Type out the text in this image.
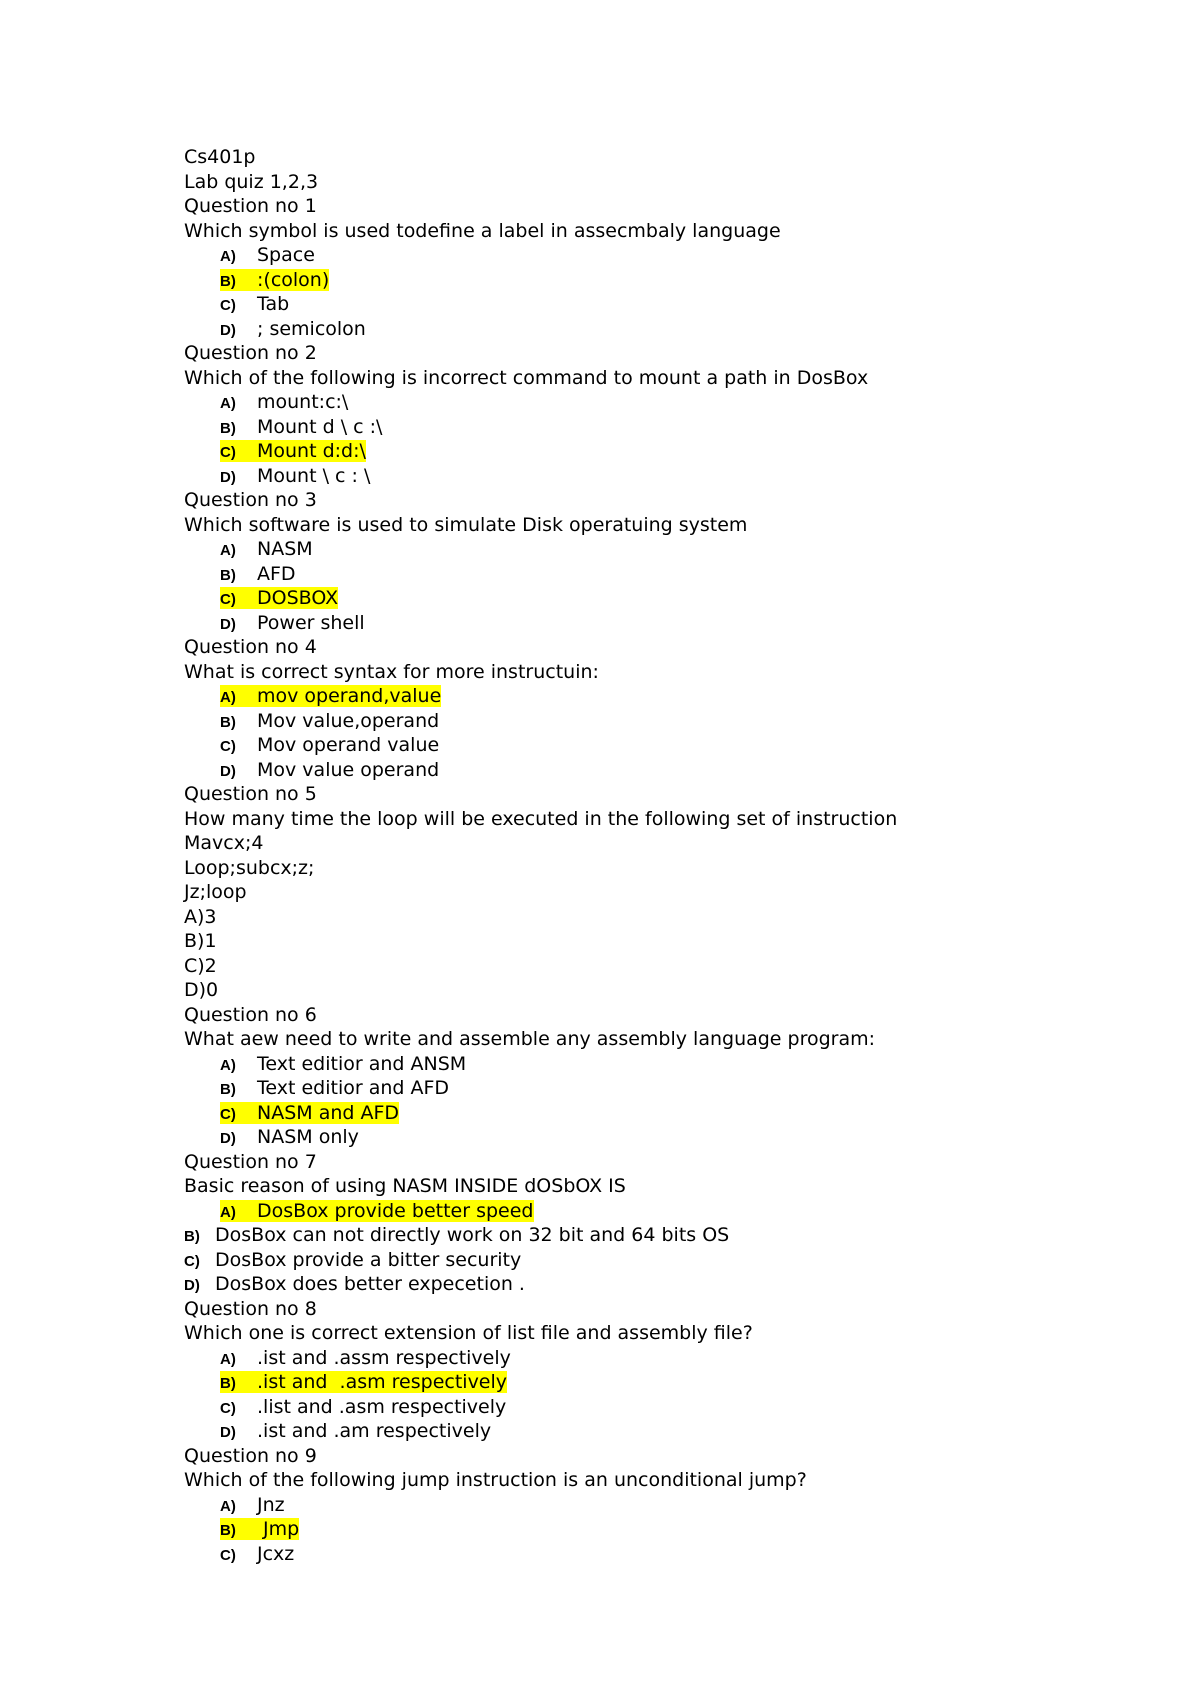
Cs401p
Lab quiz 1,2,3
Question no 1
Which symbol is used todefine a label in assecmbaly language
A) Space
B) :(colon)
C) Tab
D) ; semicolon
Question no 2
Which of the following is incorrect command to mount a path in DosBox
A) mount:c:\
B) Mount d \ c :\
C) Mount d:d:\
D) Mount \ c : \
Question no 3
Which software is used to simulate Disk operatuing system
A) NASM
B) AFD
C) DOSBOX
D) Power shell
Question no 4
What is correct syntax for more instructuin:
A) mov operand,value
B) Mov value,operand
C) Mov operand value
D) Mov value operand
Question no 5
How many time the loop will be executed in the following set of instruction
Mavcx;4
Loop;subcx;z;
Jz;loop
A)3
B)1
C)2
D)0
Question no 6
What aew need to write and assemble any assembly language program:
A) Text editior and ANSM
B) Text editior and AFD
C) NASM and AFD
D) NASM only
Question no 7
Basic reason of using NASM INSIDE dOSbOX IS
A) DosBox provide better speed
B) DosBox can not directly work on 32 bit and 64 bits OS
C) DosBox provide a bitter security
D) DosBox does better expecetion .
Question no 8
Which one is correct extension of list file and assembly file?
A) .ist and .assm respectively
B) .ist and  .asm respectively
C) .list and .asm respectively
D) .ist and .am respectively
Question no 9
Which of the following jump instruction is an unconditional jump?
A) Jnz
B) Jmp
C) Jcxz
